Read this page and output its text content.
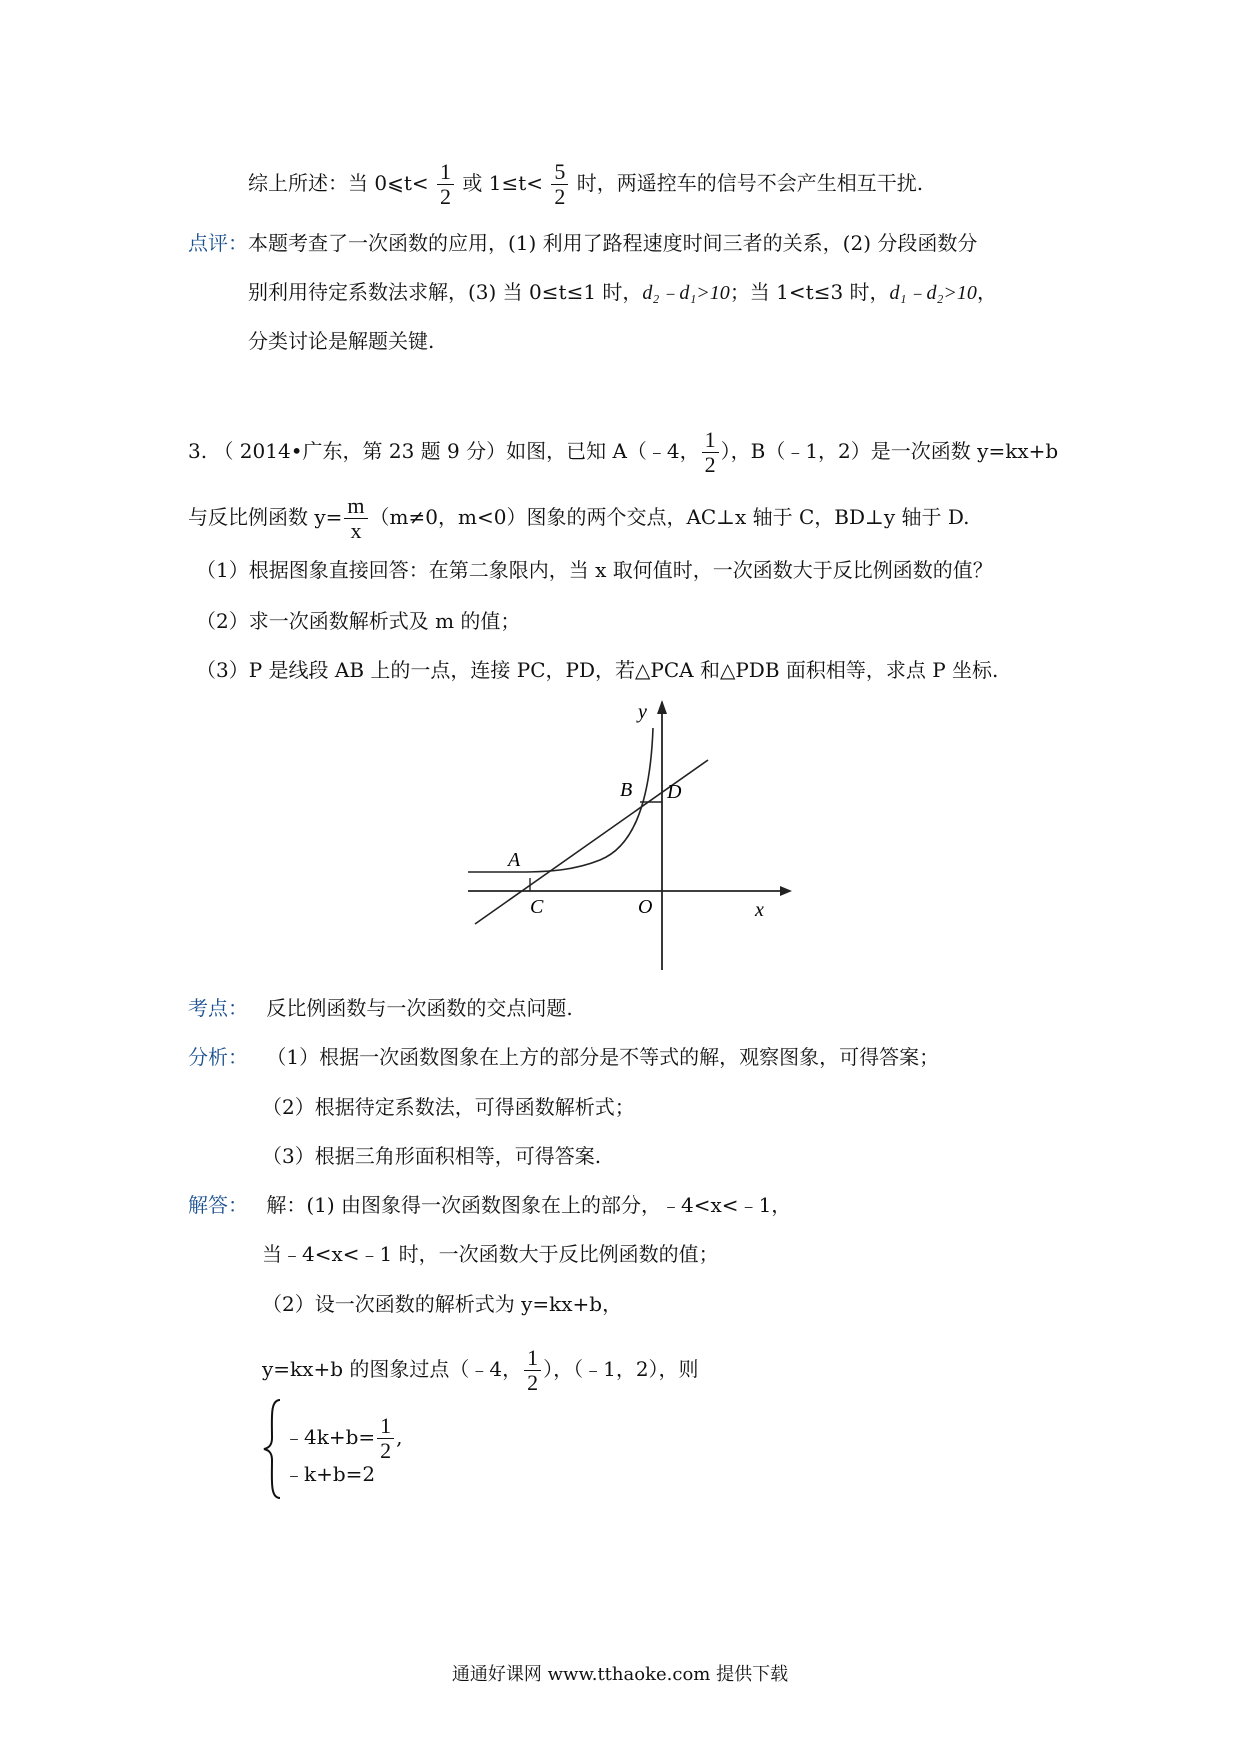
综上所述：当 0⩽t< $\frac{1}{2}$ 或 $1\le t< \frac{5}{2}$ 时，两遥控车的信号不会产生相互干扰.
点评：本题考查了一次函数的应用，(1) 利用了路程速度时间三者的关系，(2) 分段函数分
别利用待定系数法求解，(3) 当 0≤t≤1 时，d₂﹣d₁>10；当 1<t≤3 时，d₁﹣d₂>10，
分类讨论是解题关键.
3. （ 2014•广东，第 23 题 9 分）如图，已知 A（﹣4， $\frac{1}{2}$ ），B（﹣1，2）是一次函数 y=kx+b
与反比例函数 $y= \frac{m}{x} (m\ne 0$，m<0）图象的两个交点，AC⊥x 轴于 C，BD⊥y 轴于 D.
（1）根据图象直接回答：在第二象限内，当 x 取何值时，一次函数大于反比例函数的值？
（2）求一次函数解析式及 m 的值；
（3）P 是线段 AB 上的一点，连接 PC，PD，若△PCA 和△PDB 面积相等，求点 P 坐标.
y
x
O
A
B
C
D
考点： 反比例函数与一次函数的交点问题.
分析： （1）根据一次函数图象在上方的部分是不等式的解，观察图象，可得答案；
（2）根据待定系数法，可得函数解析式；
（3）根据三角形面积相等，可得答案.
解答： 解：(1) 由图象得一次函数图象在上的部分，﹣4<x<﹣1，
当﹣4<x<﹣1 时，一次函数大于反比例函数的值；
（2）设一次函数的解析式为 y=kx+b，
y=kx+b 的图象过点（﹣4， $\frac{1}{2}$ ），（﹣1，2），则
﹣4k+b= $\frac{1}{2}$ ,
﹣k+b=2
通通好课网 www.tthaoke.com 提供下载
